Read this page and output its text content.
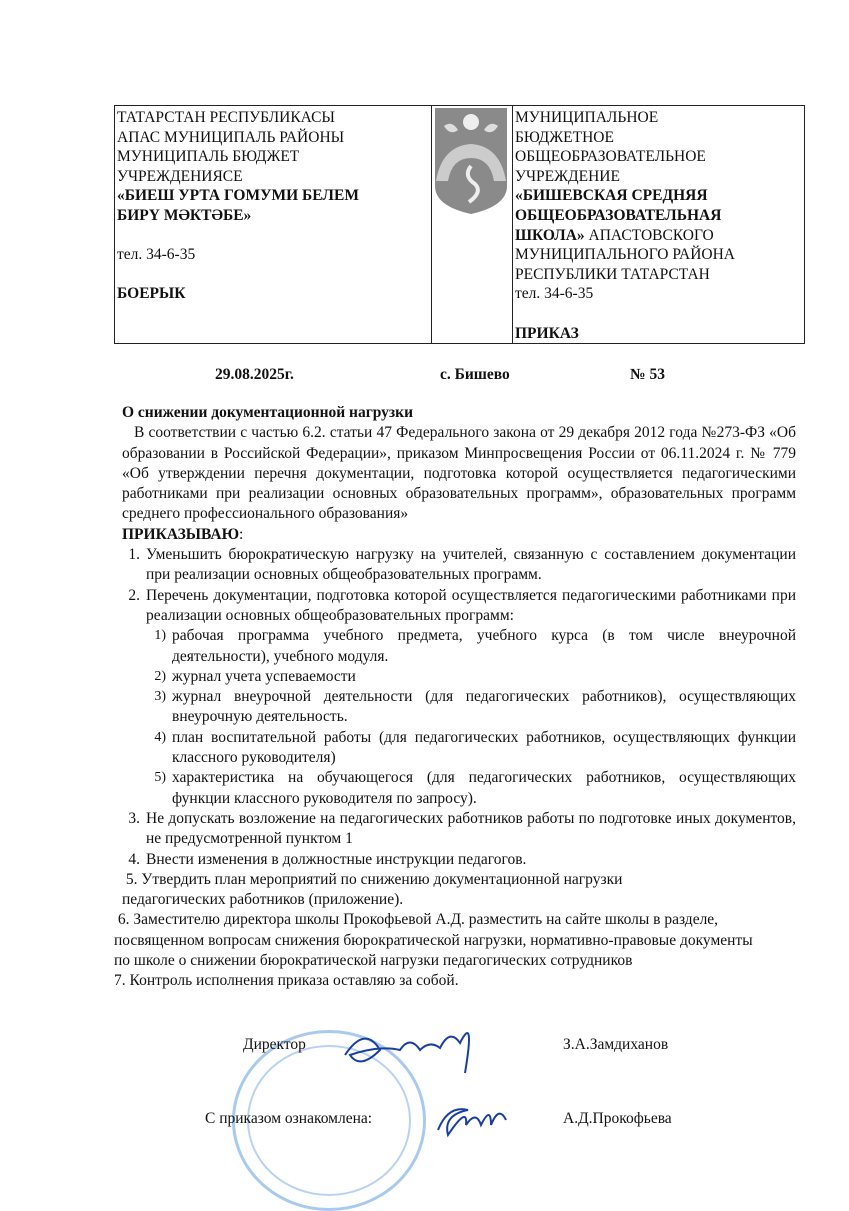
ТАТАРСТАН РЕСПУБЛИКАСЫ
АПАС МУНИЦИПАЛЬ РАЙОНЫ
МУНИЦИПАЛЬ БЮДЖЕТ
УЧРЕЖДЕНИЯСЕ
«БИЕШ УРТА ГОМУМИ БЕЛЕМ
БИРҮ МӘКТӘБЕ»
тел. 34-6-35
БОЕРЫК
МУНИЦИПАЛЬНОЕ
БЮДЖЕТНОЕ
ОБЩЕОБРАЗОВАТЕЛЬНОЕ
УЧРЕЖДЕНИЕ
«БИШЕВСКАЯ СРЕДНЯЯ
ОБЩЕОБРАЗОВАТЕЛЬНАЯ
ШКОЛА» АПАСТОВСКОГО
МУНИЦИПАЛЬНОГО РАЙОНА
РЕСПУБЛИКИ ТАТАРСТАН
тел. 34-6-35
ПРИКАЗ
29.08.2025г.	с. Бишево	№ 53
О снижении документационной нагрузки
В соответствии с частью 6.2. статьи 47 Федерального закона от 29 декабря 2012 года №273-ФЗ «Об образовании в Российской Федерации», приказом Минпросвещения России от 06.11.2024 г. № 779 «Об утверждении перечня документации, подготовка которой осуществляется педагогическими работниками при реализации основных образовательных программ», образовательных программ среднего профессионального образования»
ПРИКАЗЫВАЮ:
1. Уменьшить бюрократическую нагрузку на учителей, связанную с составлением документации при реализации основных общеобразовательных программ.
2. Перечень документации, подготовка которой осуществляется педагогическими работниками при реализации основных общеобразовательных программ:
1) рабочая программа учебного предмета, учебного курса (в том числе внеурочной деятельности), учебного модуля.
2) журнал учета успеваемости
3) журнал внеурочной деятельности (для педагогических работников), осуществляющих внеурочную деятельность.
4) план воспитательной работы (для педагогических работников, осуществляющих функции классного руководителя)
5) характеристика на обучающегося (для педагогических работников, осуществляющих функции классного руководителя по запросу).
3. Не допускать возложение на педагогических работников работы по подготовке иных документов, не предусмотренной пунктом 1
4. Внести изменения в должностные инструкции педагогов.
5. Утвердить план мероприятий по снижению документационной нагрузки педагогических работников (приложение).
6. Заместителю директора школы Прокофьевой А.Д. разместить на сайте школы в разделе, посвященном вопросам снижения бюрократической нагрузки, нормативно-правовые документы по школе о снижении бюрократической нагрузки педагогических сотрудников
7. Контроль исполнения приказа оставляю за собой.
Директор	З.А.Замдиханов
С приказом ознакомлена:	А.Д.Прокофьева
